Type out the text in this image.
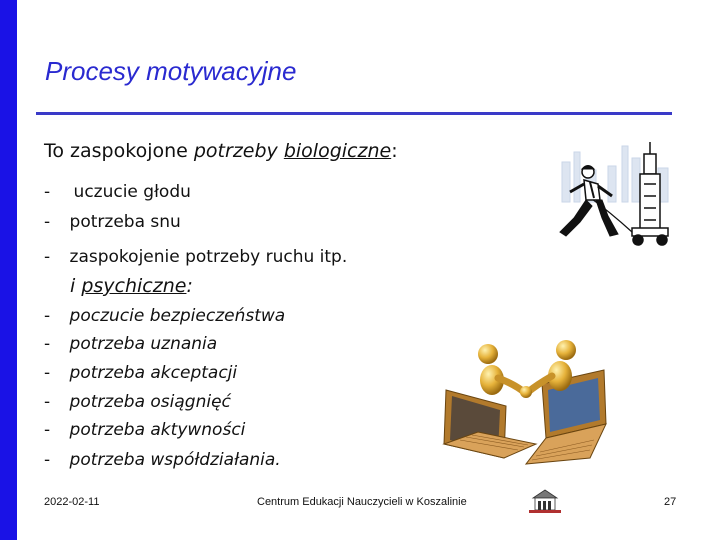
Procesy motywacyjne
To zaspokojone potrzeby biologiczne:
- uczucie głodu
- potrzeba snu
- zaspokojenie potrzeby ruchu itp.
i psychiczne:
- poczucie bezpieczeństwa
- potrzeba uznania
- potrzeba akceptacji
- potrzeba osiągnięć
- potrzeba aktywności
- potrzeba współdziałania.
2022-02-11	Centrum Edukacji Nauczycieli w Koszalinie	27
